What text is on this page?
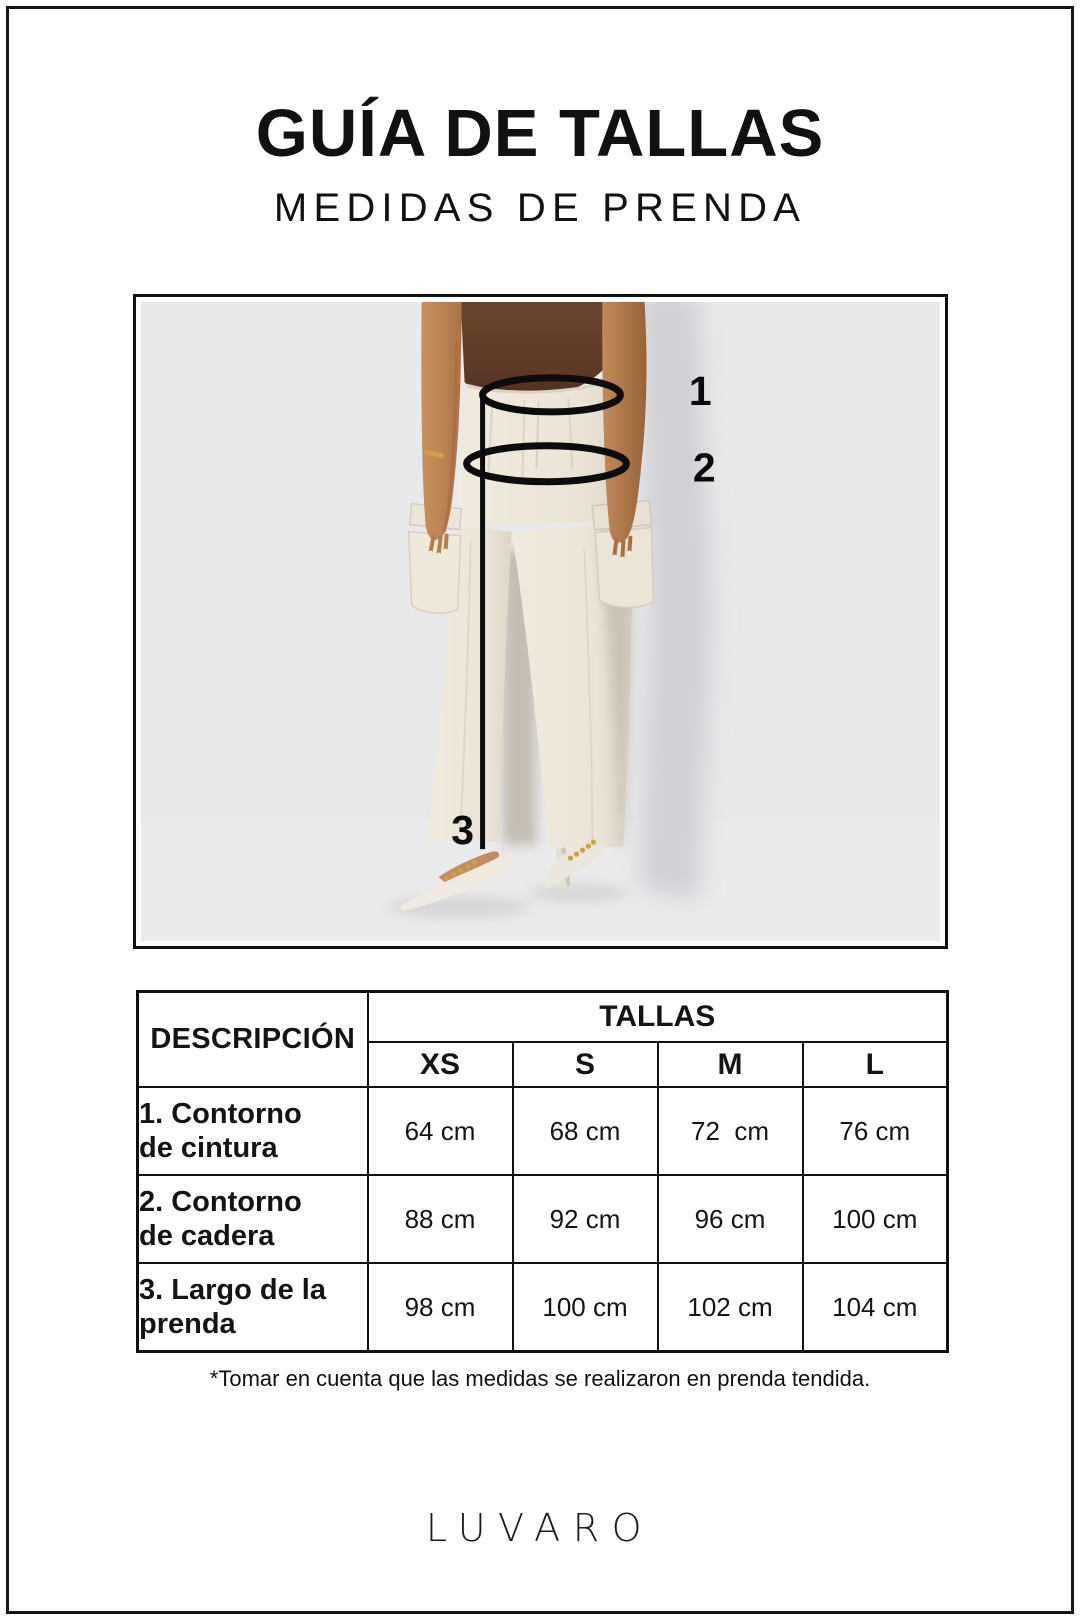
GUÍA DE TALLAS
MEDIDAS DE PRENDA
1
2
3
DESCRIPCIÓN	TALLAS			
	XS	S	M	L

1. Contorno
de cintura	64 cm	68 cm	72  cm	76 cm

2. Contorno
de cadera	88 cm	92 cm	96 cm	100 cm

3. Largo de la
prenda	98 cm	100 cm	102 cm	104 cm
*Tomar en cuenta que las medidas se realizaron en prenda tendida.
LUVARO
